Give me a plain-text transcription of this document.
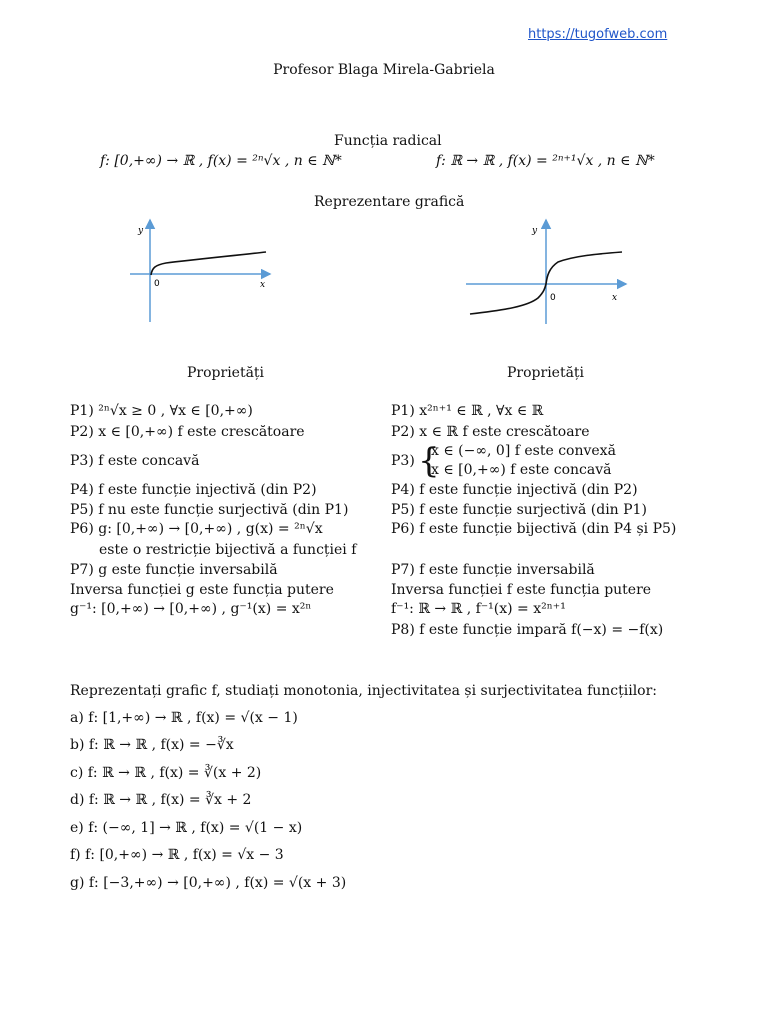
https://tugofweb.com
Profesor Blaga Mirela-Gabriela
Funcția radical
f: [0,+∞) → ℝ , f(x) = ²ⁿ√x , n ∈ ℕ*	f: ℝ → ℝ , f(x) = ²ⁿ⁺¹√x , n ∈ ℕ*
Reprezentare grafică
y
0	x
y
0	x
Proprietăți	Proprietăți
P1) ²ⁿ√x ≥ 0 , ∀x ∈ [0,+∞)
P2) x ∈ [0,+∞) f este crescătoare
P3) f este concavă
P4) f este funcție injectivă (din P2)
P5) f nu este funcție surjectivă (din P1)
P6) g: [0,+∞) → [0,+∞) , g(x) = ²ⁿ√x
este o restricție bijectivă a funcției f
P7) g este funcție inversabilă
Inversa funcției g este funcția putere
g⁻¹: [0,+∞) → [0,+∞) , g⁻¹(x) = x²ⁿ
P1) x²ⁿ⁺¹ ∈ ℝ , ∀x ∈ ℝ
P2) x ∈ ℝ f este crescătoare
P3) {
x ∈ (−∞, 0] f este convexă
x ∈ [0,+∞) f este concavă
P4) f este funcție injectivă (din P2)
P5) f este funcție surjectivă (din P1)
P6) f este funcție bijectivă (din P4 și P5)
P7) f este funcție inversabilă
Inversa funcției f este funcția putere
f⁻¹: ℝ → ℝ , f⁻¹(x) = x²ⁿ⁺¹
P8) f este funcție impară f(−x) = −f(x)
Reprezentați grafic f, studiați monotonia, injectivitatea și surjectivitatea funcțiilor:
a) f: [1,+∞) → ℝ , f(x) = √(x − 1)
b) f: ℝ → ℝ , f(x) = −∛x
c) f: ℝ → ℝ , f(x) = ∛(x + 2)
d) f: ℝ → ℝ , f(x) = ∛x + 2
e) f: (−∞, 1] → ℝ , f(x) = √(1 − x)
f) f: [0,+∞) → ℝ , f(x) = √x − 3
g) f: [−3,+∞) → [0,+∞) , f(x) = √(x + 3)
